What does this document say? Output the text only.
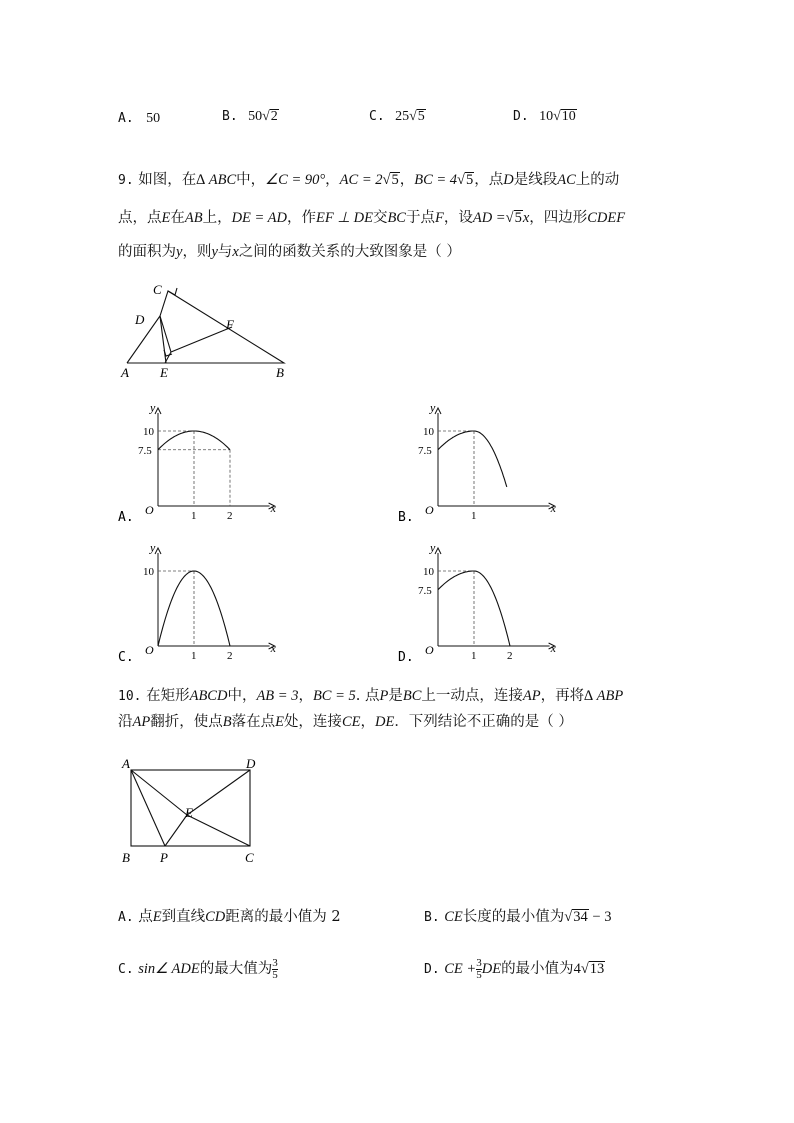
A. 50	B. 50√2	C. 25√5	D. 10√10
9. 如图，在∆ ABC中，∠C = 90°，AC = 2√5，BC = 4√5，点D是线段AC上的动
点，点E在AB上，DE = AD，作EF ⊥ DE交BC于点F，设AD =√5x，四边形CDEF
的面积为y，则y与x之间的函数关系的大致图象是（ ）
C
D	F
A E	B
y
x
O
10
7.5
1	2
A.
y
x
O
10
7.5
1
B.
y
x
O
10
1	2
C.
y
x
O
10
7.5
1	2
D.
10. 在矩形ABCD中，AB = 3，BC = 5. 点P是BC上一动点，连接AP，再将∆ ABP
沿AP翻折，使点B落在点E处，连接CE，DE．下列结论不正确的是（ ）
A	D
E
B P	C
A. 点E到直线CD距离的最小值为 2	B. CE长度的最小值为√34 − 3
C. sin∠ ADE的最大值为 $\frac{3}{5}$	D. CE + $\frac{3}{5}$ DE的最小值为4√13
